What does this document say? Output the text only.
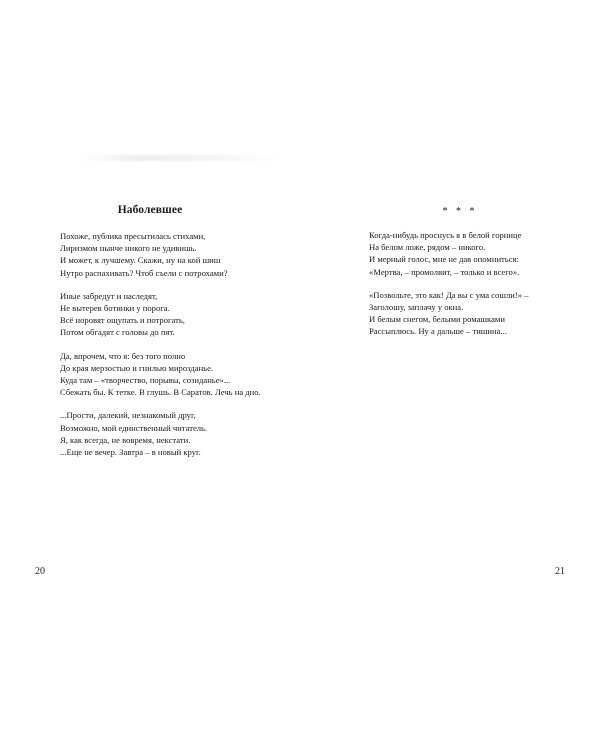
Наболевшее
Похоже, публика пресытилась стихами,
Лиризмом нынче никого не удивишь.
И может, к лучшему. Скажи, ну на кой шиш
Нутро распахивать? Чтоб съели с потрохами?
Иные забредут и наследят,
Не вытерев ботинки у порога.
Всё норовят ощупать и потрогать,
Потом обгадят с головы до пят.
Да, впрочем, что я: без того полно
До края мерзостью и гнилью мирозданье.
Куда там – «творчество, порывы, созиданье»...
Сбежать бы. К тетке. В глушь. В Саратов. Лечь на дно.
...Прости, далекий, незнакомый друг,
Возможно, мой единственный читатель.
Я, как всегда, не вовремя, некстати.
...Еще не вечер. Завтра – в новый круг.
20
* * *
Когда-нибудь проснусь я в белой горнице
На белом ложе, рядом – никого.
И мерный голос, мне не дав опомниться:
«Мертва, – промолвит, – только и всего».
«Позвольте, это как! Да вы с ума сошли!» –
Заголошу, заплачу у окна.
И белым снегом, белыми ромашками
Рассыплюсь. Ну а дальше – тишина...
21
